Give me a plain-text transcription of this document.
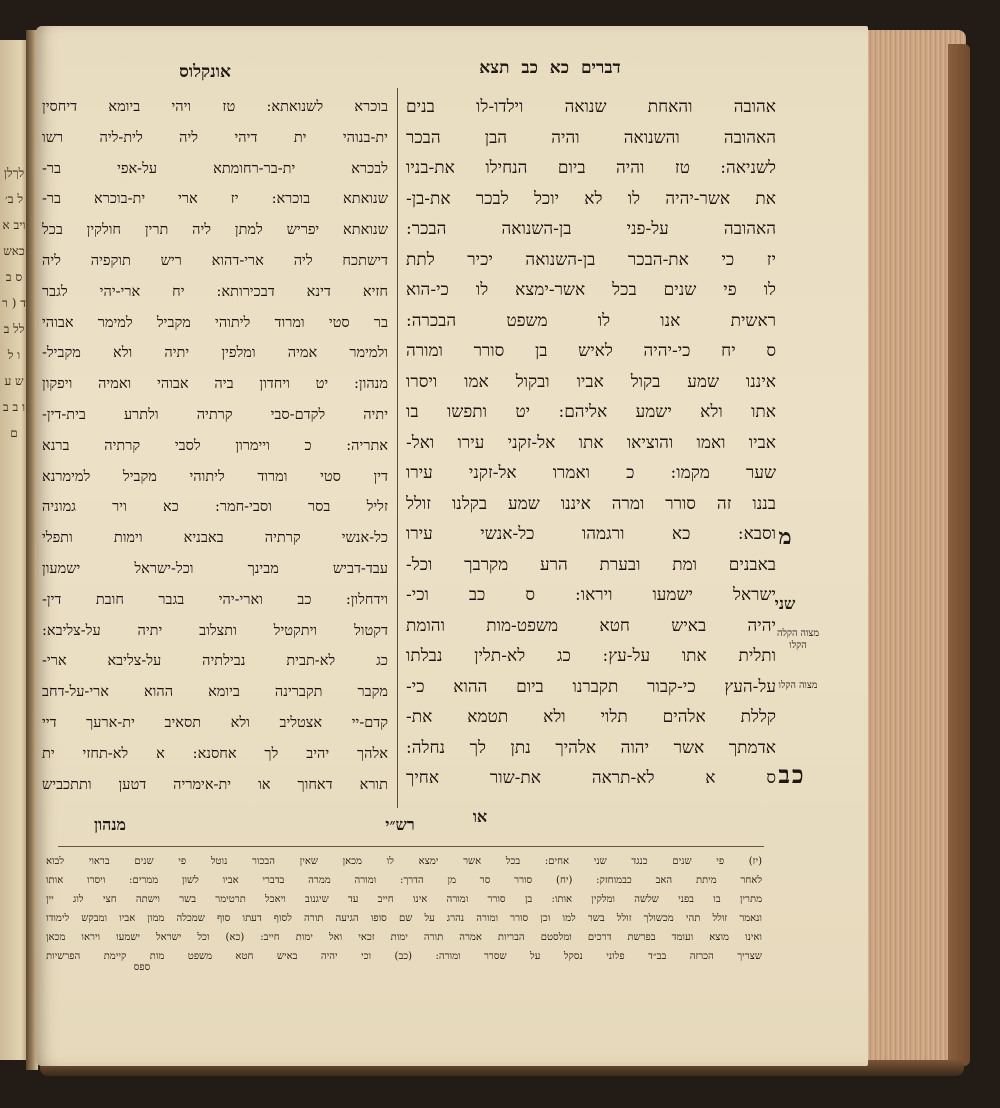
לךלןל ב׳ ויב אכאש ס ב ד ( ר לל ב ו ל ש ע ו ב ב ם
אונקלוס	דברים כא כב תצא
בוכרא לשנואתא: טז ויהי ביומא דיחסין
ית-בנוהי ית דיהי ליה לית-ליה רשו
לבכרא ית-בר-רחומתא על-אפי בר-
שנואתא בוכרא: יז ארי ית-בוכרא בר-
שנואתא יפריש למתן ליה תרין חולקין בכל
דישתכח ליה ארי-דהוא ריש תוקפיה ליה
חזיא דינא דבכירותא: יח ארי-יהי לגבר
בר סטי ומרוד ליתוהי מקביל למימר אבוהי
ולמימר אמיה ומלפין יתיה ולא מקביל-
מנהון: יט ויחדון ביה אבוהי ואמיה ויפקון
יתיה לקדם-סבי קרתיה ולתרע בית-דין-
אתריה: כ ויימרון לסבי קרתיה ברנא
דין סטי ומרוד ליתוהי מקביל למימרנא
זליל בסר וסבי-חמר: כא ויר גמוניה
כל-אנשי קרתיה באבניא וימות ותפלי
עבד-דביש מבינך וכל-ישראל ישמעון
וידחלון: כב וארי-יהי בגבר חובת דין-
דקטול ויתקטיל ותצלוב יתיה על-צליבא:
כג לא-תבית נבילתיה על-צליבא ארי-
מקבר תקברינה ביומא ההוא ארי-על-דחב
קדם-יי אצטליב ולא תסאיב ית-ארעך דיי
אלהך יהיב לך אחסנא: א לא-תחזי ית
תורא דאחוך או ית-אימריה דטען ותתכביש
אהובה והאחת שנואה וילדו-לו בנים
האהובה והשנואה והיה הבן הבכר
לשניאה: טז והיה ביום הנחילו את-בניו
את אשר-יהיה לו לא יוכל לבכר את-בן-
האהובה על-פני בן-השנואה הבכר:
יז כי את-הבכר בן-השנואה יכיר לתת
לו פי שנים בכל אשר-ימצא לו כי-הוא
ראשית אנו לו משפט הבכרה:
ס יח כי-יהיה לאיש בן סורר ומורה
איננו שמע בקול אביו ובקול אמו ויסרו
אתו ולא ישמע אליהם: יט ותפשו בו
אביו ואמו והוציאו אתו אל-זקני עירו ואל-
שער מקמו: כ ואמרו אל-זקני עירו
בננו זה סורר ומרה איננו שמע בקלנו זולל
וסבא: כא ורגמהו כל-אנשי עירו
באבנים ומת ובערת הרע מקרבך וכל-
ישראל ישמעו ויראו: ס כב וכי-
יהיה באיש חטא משפט-מות והומת
ותלית אתו על-עץ: כג לא-תלין נבלתו
על-העץ כי-קבור תקברנו ביום ההוא כי-
קללת אלהים תלוי ולא תטמא את-
אדמתך אשר יהוה אלהיך נתן לך נחלה:
ס א לא-תראה את-שור אחיך
מ
שני
מצוה הקלה הקלו
מצוה הקלו
כב
מנהון	רש״י	או
(יז) פי שנים כנגד שני אחים: בכל אשר ימצא לו מכאן שאין הבכור נוטל פי שנים בראוי לבוא
לאחר מיתת האב כבמוחזק: (יח) סורר סר מן הדרך: ומורה ממרה בדברי אביו לשון ממרים: ויסרו אותו
מתרין בו בפני שלשה ומלקין אותו: בן סורר ומורה אינו חייב עד שיגנוב ויאכל תרטימר בשר וישתה חצי לוג יין
ונאמר זולל תהי מכשולך זולל בשר למו וכן סורר ומורה נהרג על שם סופו הגיעה תורה לסוף דעתו סוף שמכלה ממון אביו ומבקש לימודו
ואינו מוצא ועומד בפרשת דרכים ומלסטם הבריות אמרה תורה ימות זכאי ואל ימות חייב: (כא) וכל ישראל ישמעו ויראו מכאן
שצריך הכרזה בב״ד פלוני נסקל על שסרר ומורה: (כב) וכי יהיה באיש חטא משפט מות קיימת הפרשיות
ספס
